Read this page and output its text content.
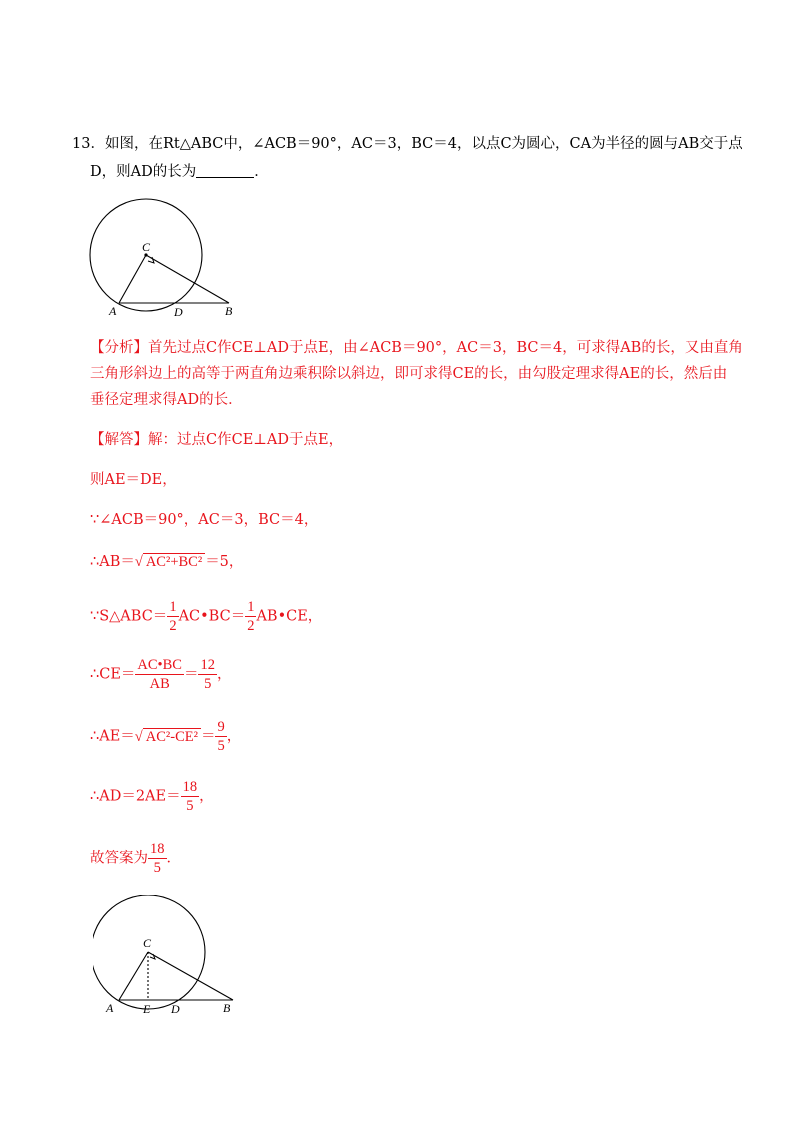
13．如图，在Rt△ABC中，∠ACB＝90°，AC＝3，BC＝4，以点C为圆心，CA为半径的圆与AB交于点
D，则AD的长为	．
C
A	D	B
【分析】首先过点C作CE⊥AD于点E，由∠ACB＝90°，AC＝3，BC＝4，可求得AB的长，又由直角
三角形斜边上的高等于两直角边乘积除以斜边，即可求得CE的长，由勾股定理求得AE的长，然后由
垂径定理求得AD的长．
【解答】解：过点C作CE⊥AD于点E，
则AE＝DE，
∵∠ACB＝90°，AC＝3，BC＝4，
∴AB＝√ AC²+BC² ＝5，
∵S△ABC＝ $\frac{1}{2}$ AC•BC＝ $\frac{1}{2}$ AB•CE，
∴CE＝ $\frac{AC•BC}{AB} = \frac{12}{5}$ ，
∴AE＝√ $AC^2-CE^2 = \frac{9}{5}$ ，
∴AD＝2AE＝ $\frac{18}{5}$ ，
故答案为 $\frac{18}{5}$ ．
C
A E D	B
